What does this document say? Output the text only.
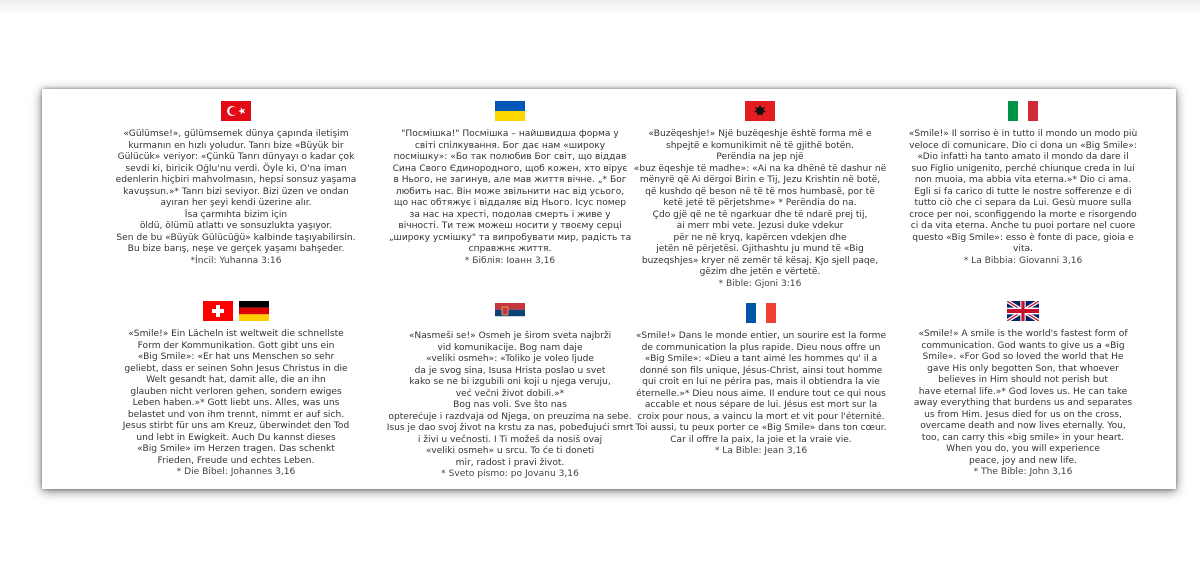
«Gülümse!», gülümsemek dünya çapında iletişim

kurmanın en hızlı yoludur. Tanrı bize «Büyük bir

Gülücük» veriyor: «Çünkü Tanrı dünyayı o kadar çok

sevdi ki, biricik Oğlu'nu verdi. Öyle ki, O'na iman

edenlerin hiçbiri mahvolmasın, hepsi sonsuz yaşama

kavuşsun.»* Tanrı bizi seviyor. Bizi üzen ve ondan

ayıran her şeyi kendi üzerine alır.

İsa çarmıhta bizim için

öldü, ölümü atlattı ve sonsuzlukta yaşıyor.

Sen de bu «Büyük Gülücüğü» kalbinde taşıyabilirsin.

Bu bize barış, neşe ve gerçek yaşamı bahşeder.

*İncil: Yuhanna 3:16

"Посмішка!" Посмішка – найшвидша форма у

світі спілкування. Бог дає нам «широку

посмішку»: «Бо так полюбив Бог світ, що віддав

Сина Свого Єдинородного, щоб кожен, хто вірує

в Нього, не загинув, але мав життя вічне. „* Бог

любить нас. Він може звільнити нас від усього,

що нас обтяжує і віддаляє від Нього. Ісус помер

за нас на хресті, подолав смерть і живе у

вічності. Ти теж можеш носити у твоєму серці

„широку усмішку" та випробувати мир, радість та

справжнє життя.

* Біблія: Іоанн 3,16

«Buzëqeshje!» Një buzëqeshje është forma më e

shpejtë e komunikimit në të gjithë botën.

Perëndia na jep një

«buz ëqeshje të madhe»: «Ai na ka dhënë të dashur në

mënyrë që Ai dërgoi Birin e Tij, Jezu Krishtin në botë,

që kushdo që beson në të të mos humbasë, por të

ketë jetë të përjetshme» * Perëndia do na.

Çdo gjë që ne të ngarkuar dhe të ndarë prej tij,

ai merr mbi vete. Jezusi duke vdekur

për ne në kryq, kapërcen vdekjen dhe

jetën në përjetësi. Gjithashtu ju mund të «Big

buzeqshjes» kryer në zemër të kësaj. Kjo sjell paqe,

gëzim dhe jetën e vërtetë.

* Bible: Gjoni 3:16

«Smile!» Il sorriso è in tutto il mondo un modo più

veloce di comunicare. Dio ci dona un «Big Smile»:

«Dio infatti ha tanto amato il mondo da dare il

suo Figlio unigenito, perché chiunque creda in lui

non muoia, ma abbia vita eterna.»* Dio ci ama.

Egli si fa carico di tutte le nostre sofferenze e di

tutto ciò che ci separa da Lui. Gesù muore sulla

croce per noi, sconfiggendo la morte e risorgendo

ci da vita eterna. Anche tu puoi portare nel cuore

questo «Big Smile»: esso è fonte di pace, gioia e

vita.

* La Bibbia: Giovanni 3,16

«Smile!» Ein Lächeln ist weltweit die schnellste

Form der Kommunikation. Gott gibt uns ein

«Big Smile»: «Er hat uns Menschen so sehr

geliebt, dass er seinen Sohn Jesus Christus in die

Welt gesandt hat, damit alle, die an ihn

glauben nicht verloren gehen, sondern ewiges

Leben haben.»* Gott liebt uns. Alles, was uns

belastet und von ihm trennt, nimmt er auf sich.

Jesus stirbt für uns am Kreuz, überwindet den Tod

und lebt in Ewigkeit. Auch Du kannst dieses

«Big Smile» im Herzen tragen. Das schenkt

Frieden, Freude und echtes Leben.

* Die Bibel: Johannes 3,16

«Nasmeši se!» Osmeh je širom sveta najbrži

vid komunikacije. Bog nam daje

«veliki osmeh»: «Toliko je voleo ljude

da je svog sina, Isusa Hrista poslao u svet

kako se ne bi izgubili oni koji u njega veruju,

već večni život dobili.»*

Bog nas voli. Sve što nas

opterećuje i razdvaja od Njega, on preuzima na sebe.

Isus je dao svoj život na krstu za nas, pobeđujući smrt

i živi u večnosti. I Ti možeš da nosiš ovaj

«veliki osmeh» u srcu. To će ti doneti

mir, radost i pravi život.

* Sveto pismo: po Jovanu 3,16

«Smile!» Dans le monde entier, un sourire est la forme

de communication la plus rapide. Dieu nous offre un

«Big Smile»: «Dieu a tant aimé les hommes qu' il a

donné son fils unique, Jésus-Christ, ainsi tout homme

qui croit en lui ne périra pas, mais il obtiendra la vie

éternelle.»* Dieu nous aime. Il endure tout ce qui nous

accable et nous sépare de lui. Jésus est mort sur la

croix pour nous, a vaincu la mort et vit pour l'éternité.

Toi aussi, tu peux porter ce «Big Smile» dans ton cœur.

Car il offre la paix, la joie et la vraie vie.

* La Bible: Jean 3,16

«Smile!» A smile is the world's fastest form of

communication. God wants to give us a «Big

Smile». «For God so loved the world that He

gave His only begotten Son, that whoever

believes in Him should not perish but

have eternal life.»* God loves us. He can take

away everything that burdens us and separates

us from Him. Jesus died for us on the cross,

overcame death and now lives eternally. You,

too, can carry this «big smile» in your heart.

When you do, you will experience

peace, joy and new life.

* The Bible: John 3,16
